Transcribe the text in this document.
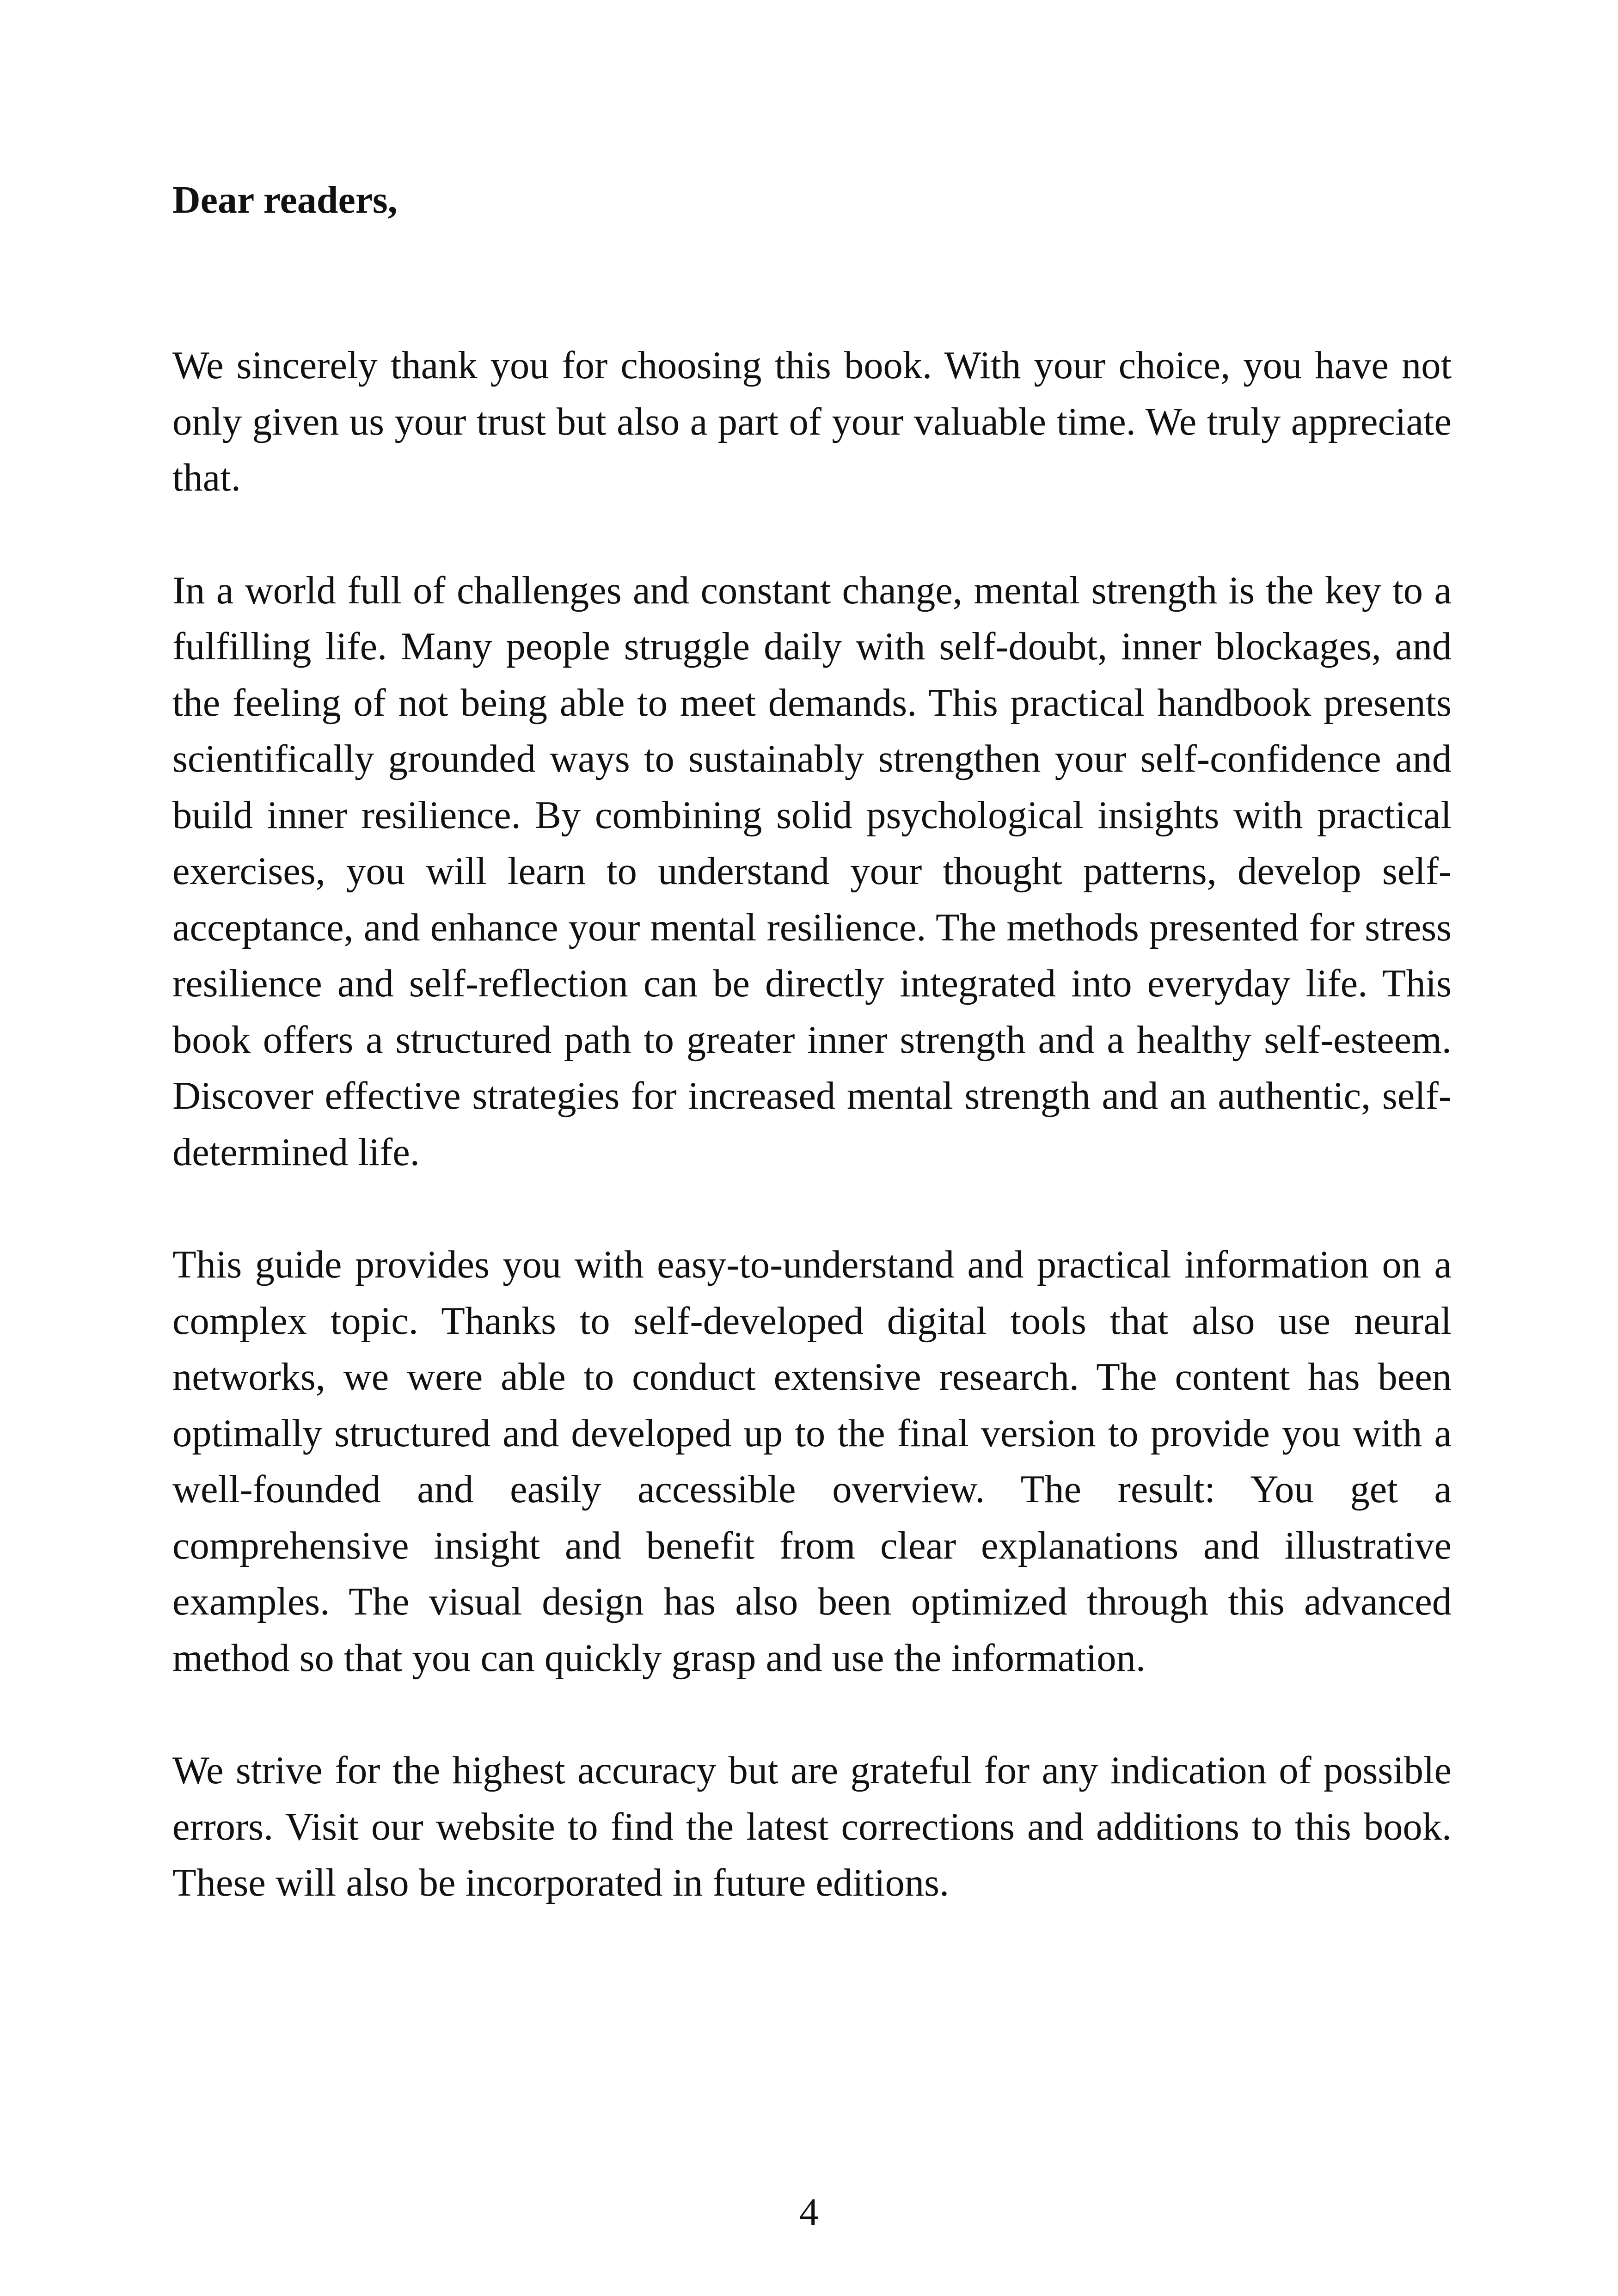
Dear readers,

We sincerely thank you for choosing this book. With your choice, you have not only given us your trust but also a part of your valuable time. We truly appreciate that.

In a world full of challenges and constant change, mental strength is the key to a fulfilling life. Many people struggle daily with self-doubt, inner blockages, and the feeling of not being able to meet demands. This practical handbook presents scientifically grounded ways to sustainably strengthen your self-confidence and build inner resilience. By combining solid psychological insights with practical exercises, you will learn to understand your thought patterns, develop self-acceptance, and enhance your mental resilience. The methods presented for stress resilience and self-reflection can be directly integrated into everyday life. This book offers a structured path to greater inner strength and a healthy self-esteem. Discover effective strategies for increased mental strength and an authentic, self-determined life.

This guide provides you with easy-to-understand and practical information on a complex topic. Thanks to self-developed digital tools that also use neural networks, we were able to conduct extensive research. The content has been optimally structured and developed up to the final version to provide you with a well-founded and easily accessible overview. The result: You get a comprehensive insight and benefit from clear explanations and illustrative examples. The visual design has also been optimized through this advanced method so that you can quickly grasp and use the information.

We strive for the highest accuracy but are grateful for any indication of possible errors. Visit our website to find the latest corrections and additions to this book. These will also be incorporated in future editions.

4
